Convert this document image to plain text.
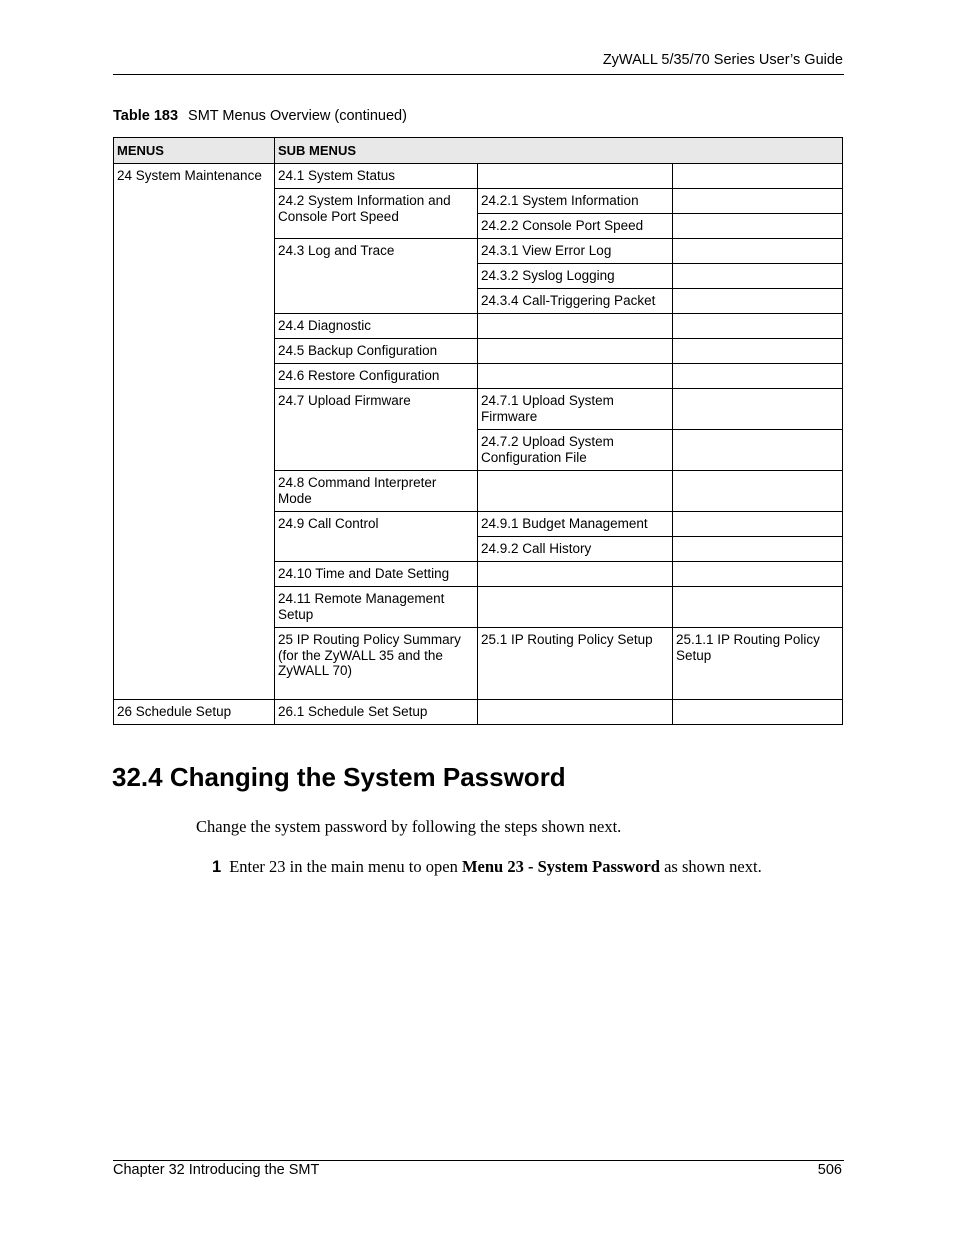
ZyWALL 5/35/70 Series User’s Guide
Table 183 SMT Menus Overview (continued)
MENUS	SUB MENUS			
24 System Maintenance	24.1 System Status			
	24.2 System Information and Console Port Speed	24.2.1 System Information		
		24.2.2 Console Port Speed		
	24.3 Log and Trace	24.3.1 View Error Log		
		24.3.2 Syslog Logging		
		24.3.4 Call-Triggering Packet		
	24.4 Diagnostic			
	24.5 Backup Configuration			
	24.6 Restore Configuration			
	24.7 Upload Firmware	24.7.1 Upload System Firmware		
		24.7.2 Upload System Configuration File		
	24.8 Command Interpreter Mode			
	24.9 Call Control	24.9.1 Budget Management		
		24.9.2 Call History		
	24.10 Time and Date Setting			
	24.11 Remote Management Setup			
	25 IP Routing Policy Summary (for the ZyWALL 35 and the ZyWALL 70)	25.1 IP Routing Policy Setup	25.1.1 IP Routing Policy Setup	
26 Schedule Setup	26.1 Schedule Set Setup			
32.4 Changing the System Password

Change the system password by following the steps shown next.

1 Enter 23 in the main menu to open Menu 23 - System Password as shown next.

Chapter 32 Introducing the SMT	506
